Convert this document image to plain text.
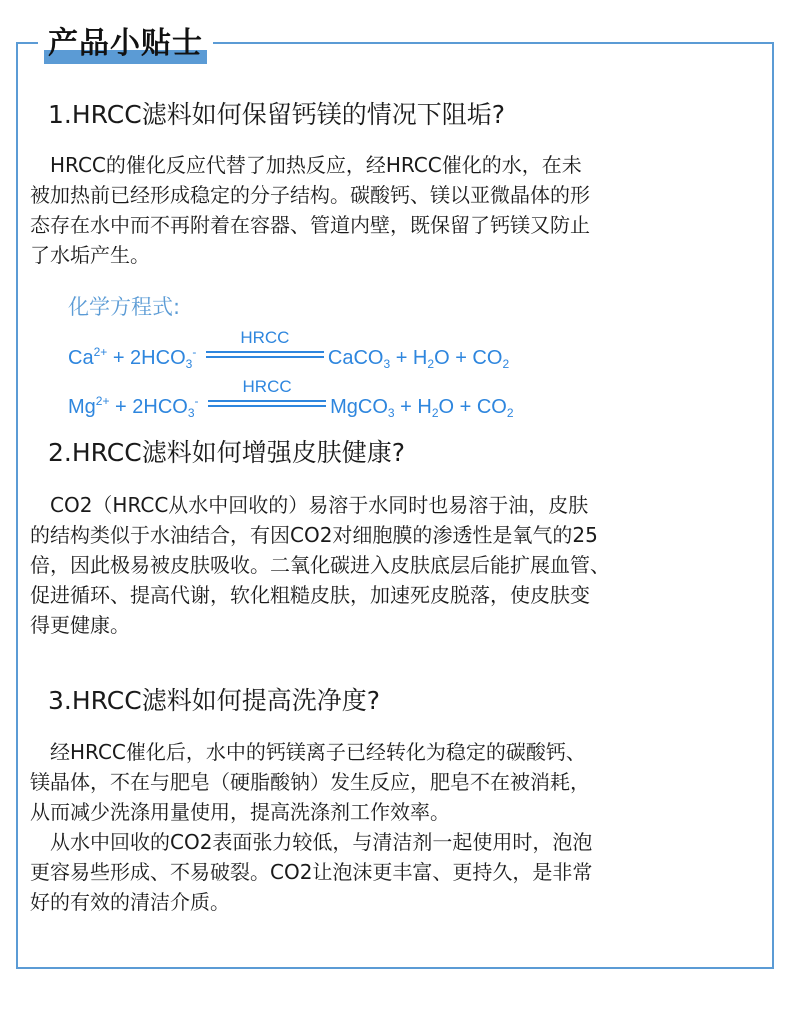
产品小贴士
1.HRCC滤料如何保留钙镁的情况下阻垢?
　HRCC的催化反应代替了加热反应，经HRCC催化的水，在未
被加热前已经形成稳定的分子结构。碳酸钙、镁以亚微晶体的形
态存在水中而不再附着在容器、管道内壁，既保留了钙镁又防止
了水垢产生。
化学方程式:
$Ca^{2+} + 2HCO_3^-$
HRCC
CaCO$_3$ + $H_2O + CO_2$
$Mg^{2+} + 2HCO_3^-$
HRCC
MgCO$_3$ + $H_2O + CO_2$
2.HRCC滤料如何增强皮肤健康?
　CO2（HRCC从水中回收的）易溶于水同时也易溶于油，皮肤
的结构类似于水油结合，有因CO2对细胞膜的渗透性是氧气的25
倍，因此极易被皮肤吸收。二氧化碳进入皮肤底层后能扩展血管、
促进循环、提高代谢，软化粗糙皮肤，加速死皮脱落，使皮肤变
得更健康。
3.HRCC滤料如何提高洗净度?
　经HRCC催化后，水中的钙镁离子已经转化为稳定的碳酸钙、
镁晶体，不在与肥皂（硬脂酸钠）发生反应，肥皂不在被消耗，
从而减少洗涤用量使用，提高洗涤剂工作效率。
　从水中回收的CO2表面张力较低，与清洁剂一起使用时，泡泡
更容易些形成、不易破裂。CO2让泡沫更丰富、更持久，是非常
好的有效的清洁介质。
